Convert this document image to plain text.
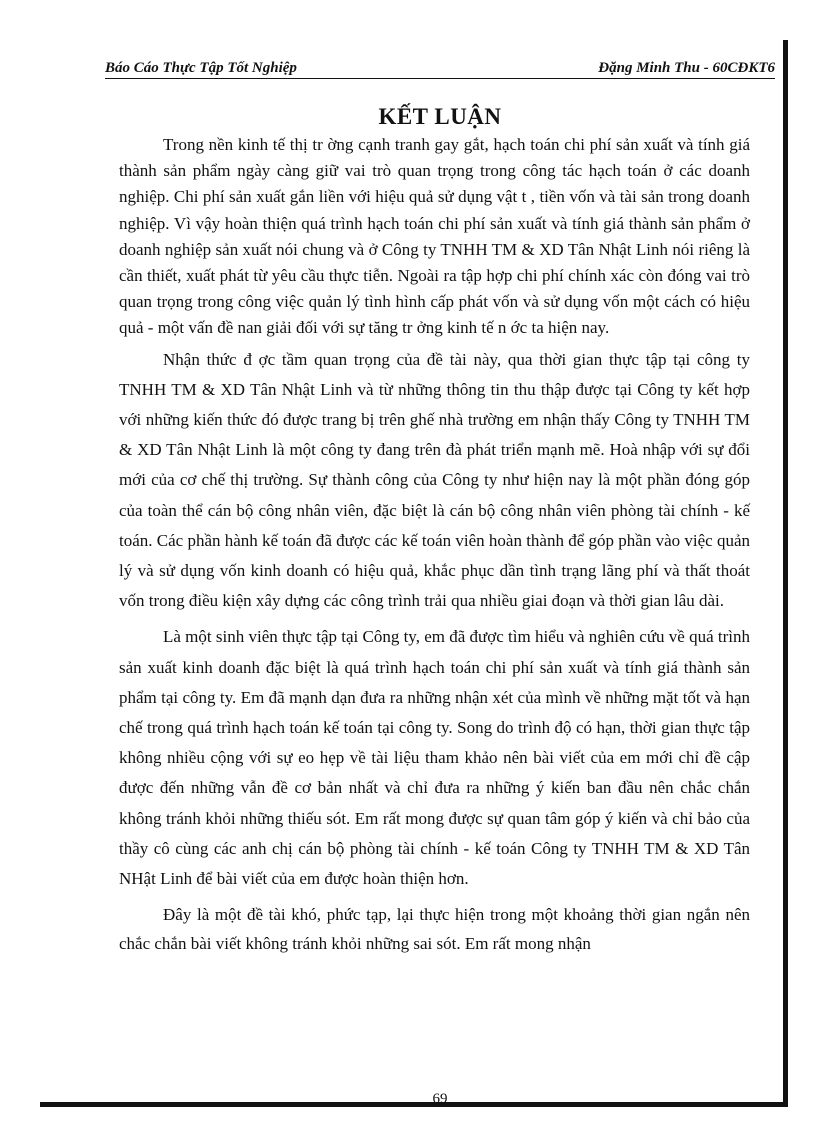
Báo Cáo Thực Tập Tốt Nghiệp	Đặng Minh Thu - 60CĐKT6
KẾT LUẬN

Trong nền kinh tế thị tr ờng cạnh tranh gay gắt, hạch toán chi phí sản xuất và tính giá thành sản phẩm ngày càng giữ vai trò quan trọng trong công tác hạch toán ở các doanh nghiệp. Chi phí sản xuất gắn liền với hiệu quả sử dụng vật t , tiền vốn và tài sản trong doanh nghiệp. Vì vậy hoàn thiện quá trình hạch toán chi phí sản xuất và tính giá thành sản phẩm ở doanh nghiệp sản xuất nói chung và ở Công ty TNHH TM & XD Tân Nhật Linh nói riêng là cần thiết, xuất phát từ yêu cầu thực tiễn. Ngoài ra tập hợp chi phí chính xác còn đóng vai trò quan trọng trong công việc quản lý tình hình cấp phát vốn và sử dụng vốn một cách có hiệu quả - một vấn đề nan giải đối với sự tăng tr ởng kinh tế n ớc ta hiện nay.

Nhận thức đ ợc tầm quan trọng của đề tài này, qua thời gian thực tập tại công ty TNHH TM & XD Tân Nhật Linh và từ những thông tin thu thập được tại Công ty kết hợp với những kiến thức đó được trang bị trên ghế nhà trường em nhận thấy Công ty TNHH TM & XD Tân Nhật Linh là một công ty đang trên đà phát triển mạnh mẽ. Hoà nhập với sự đổi mới của cơ chế thị trường. Sự thành công của Công ty như hiện nay là một phần đóng góp của toàn thể cán bộ công nhân viên, đặc biệt là cán bộ công nhân viên phòng tài chính - kế toán. Các phần hành kế toán đã được các kế toán viên hoàn thành để góp phần vào việc quản lý và sử dụng vốn kinh doanh có hiệu quả, khắc phục dần tình trạng lãng phí và thất thoát vốn trong điều kiện xây dựng các công trình trải qua nhiều giai đoạn và thời gian lâu dài.

Là một sinh viên thực tập tại Công ty, em đã được tìm hiểu và nghiên cứu về quá trình sản xuất kinh doanh đặc biệt là quá trình hạch toán chi phí sản xuất và tính giá thành sản phẩm tại công ty. Em đã mạnh dạn đưa ra những nhận xét của mình về những mặt tốt và hạn chế trong quá trình hạch toán kế toán tại công ty. Song do trình độ có hạn, thời gian thực tập không nhiều cộng với sự eo hẹp về tài liệu tham khảo nên bài viết của em mới chỉ đề cập được đến những vẫn đề cơ bản nhất và chỉ đưa ra những ý kiến ban đầu nên chắc chắn không tránh khỏi những thiếu sót. Em rất mong được sự quan tâm góp ý kiến và chỉ bảo của thầy cô cùng các anh chị cán bộ phòng tài chính - kế toán Công ty TNHH TM & XD Tân NHật Linh để bài viết của em được hoàn thiện hơn.

Đây là một đề tài khó, phức tạp, lại thực hiện trong một khoảng thời gian ngắn nên chắc chắn bài viết không tránh khỏi những sai sót. Em rất mong nhận

69
